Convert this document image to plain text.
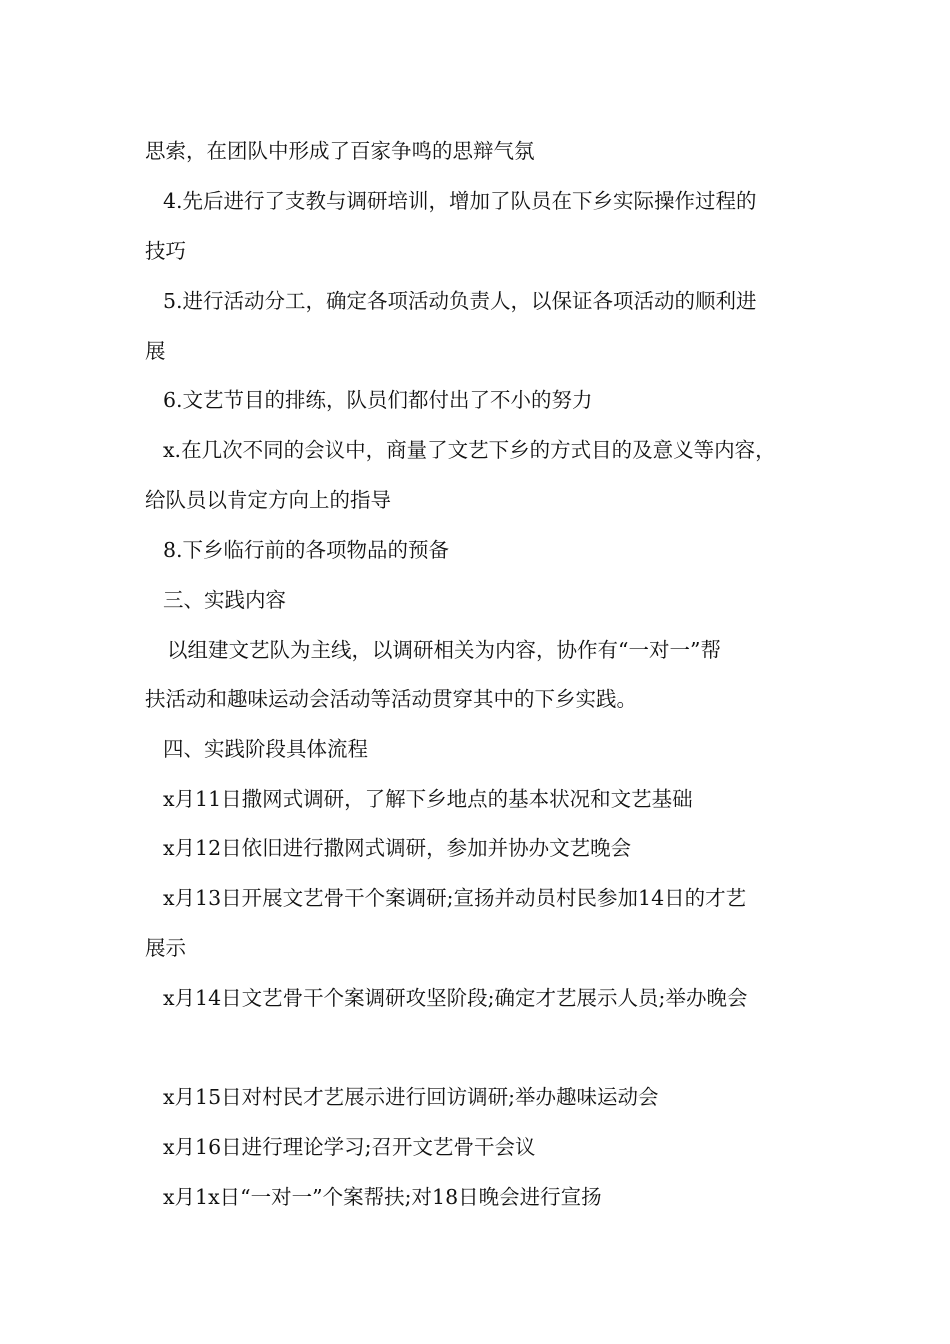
思索，在团队中形成了百家争鸣的思辩气氛
4.先后进行了支教与调研培训，增加了队员在下乡实际操作过程的
技巧
5.进行活动分工，确定各项活动负责人，以保证各项活动的顺利进
展
6.文艺节目的排练，队员们都付出了不小的努力
x.在几次不同的会议中，商量了文艺下乡的方式目的及意义等内容，
给队员以肯定方向上的指导
8.下乡临行前的各项物品的预备
三、实践内容
以组建文艺队为主线，以调研相关为内容，协作有“一对一”帮
扶活动和趣味运动会活动等活动贯穿其中的下乡实践。
四、实践阶段具体流程
x月11日撒网式调研，了解下乡地点的基本状况和文艺基础
x月12日依旧进行撒网式调研，参加并协办文艺晚会
x月13日开展文艺骨干个案调研;宣扬并动员村民参加14日的才艺
展示
x月14日文艺骨干个案调研攻坚阶段;确定才艺展示人员;举办晚会
x月15日对村民才艺展示进行回访调研;举办趣味运动会
x月16日进行理论学习;召开文艺骨干会议
x月1x日“一对一”个案帮扶;对18日晚会进行宣扬
